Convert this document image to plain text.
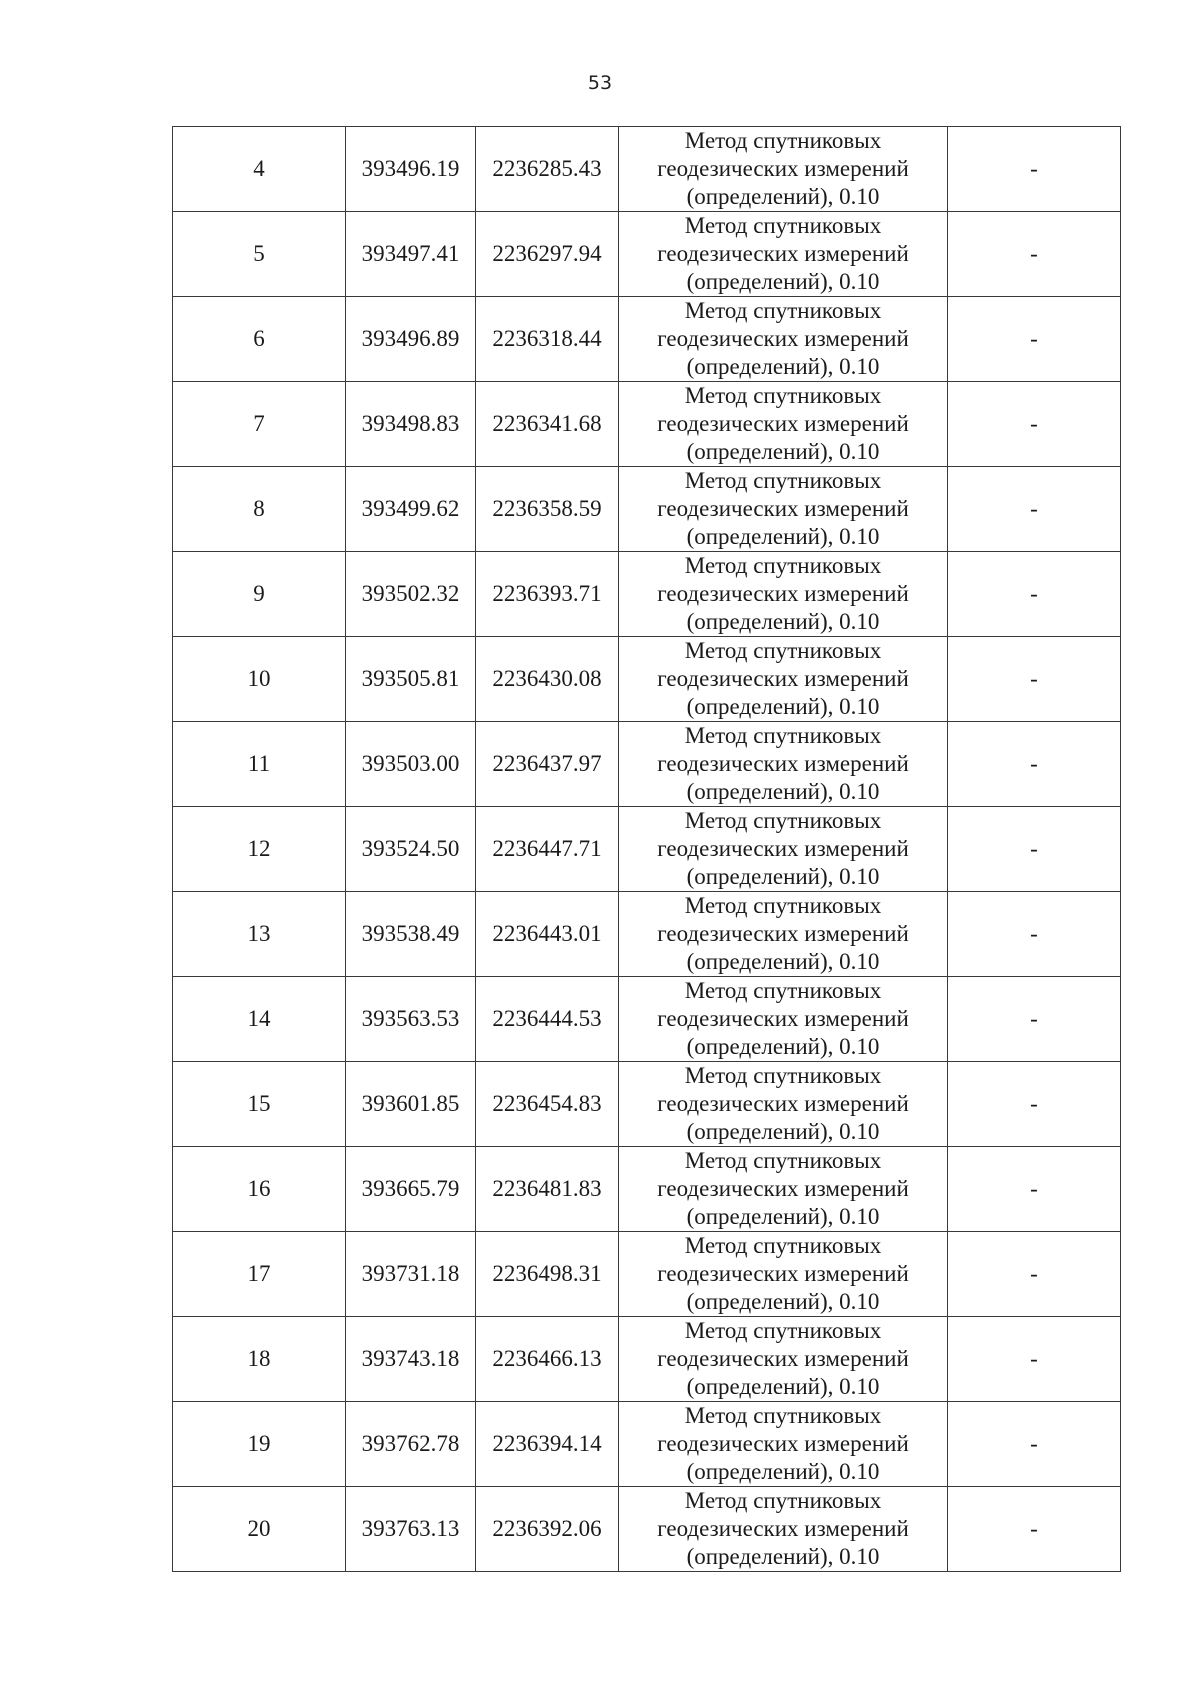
53
4	393496.19	2236285.43	Метод спутниковых
геодезических измерений
(определений), 0.10	-
5	393497.41	2236297.94	Метод спутниковых
геодезических измерений
(определений), 0.10	-
6	393496.89	2236318.44	Метод спутниковых
геодезических измерений
(определений), 0.10	-
7	393498.83	2236341.68	Метод спутниковых
геодезических измерений
(определений), 0.10	-
8	393499.62	2236358.59	Метод спутниковых
геодезических измерений
(определений), 0.10	-
9	393502.32	2236393.71	Метод спутниковых
геодезических измерений
(определений), 0.10	-
10	393505.81	2236430.08	Метод спутниковых
геодезических измерений
(определений), 0.10	-
11	393503.00	2236437.97	Метод спутниковых
геодезических измерений
(определений), 0.10	-
12	393524.50	2236447.71	Метод спутниковых
геодезических измерений
(определений), 0.10	-
13	393538.49	2236443.01	Метод спутниковых
геодезических измерений
(определений), 0.10	-
14	393563.53	2236444.53	Метод спутниковых
геодезических измерений
(определений), 0.10	-
15	393601.85	2236454.83	Метод спутниковых
геодезических измерений
(определений), 0.10	-
16	393665.79	2236481.83	Метод спутниковых
геодезических измерений
(определений), 0.10	-
17	393731.18	2236498.31	Метод спутниковых
геодезических измерений
(определений), 0.10	-
18	393743.18	2236466.13	Метод спутниковых
геодезических измерений
(определений), 0.10	-
19	393762.78	2236394.14	Метод спутниковых
геодезических измерений
(определений), 0.10	-
20	393763.13	2236392.06	Метод спутниковых
геодезических измерений
(определений), 0.10	-
